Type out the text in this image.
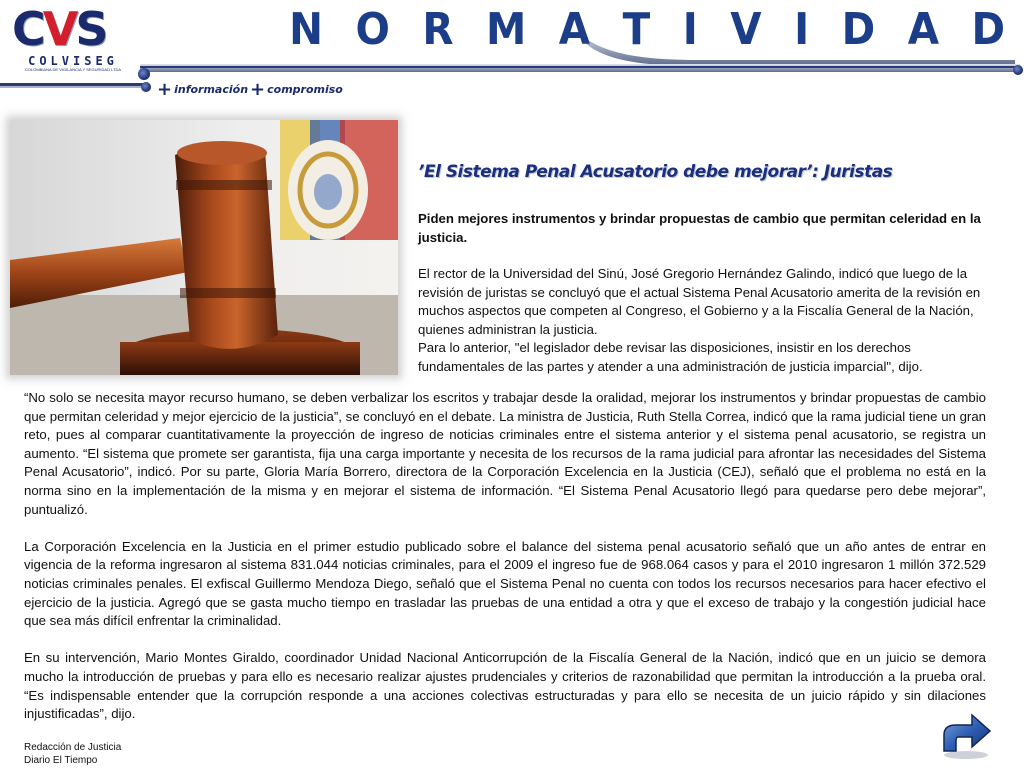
CVS
COLVISEG
COLOMBIANA DE VIGILANCIA Y SEGURIDAD LTDA
N O R M A T I V I D A D
+ información + compromiso
’El Sistema Penal Acusatorio debe mejorar’: Juristas
Piden mejores instrumentos y brindar propuestas de cambio que permitan celeridad en la justicia.

El rector de la Universidad del Sinú, José Gregorio Hernández Galindo, indicó que luego de la revisión de juristas se concluyó que el actual Sistema Penal Acusatorio amerita de la revisión en muchos aspectos que competen al Congreso, el Gobierno y a la Fiscalía General de la Nación, quienes administran la justicia.

Para lo anterior, "el legislador debe revisar las disposiciones, insistir en los derechos fundamentales de las partes y atender a una administración de justicia imparcial", dijo.

“No solo se necesita mayor recurso humano, se deben verbalizar los escritos y trabajar desde la oralidad, mejorar los instrumentos y brindar propuestas de cambio que permitan celeridad y mejor ejercicio de la justicia”, se concluyó en el debate. La ministra de Justicia, Ruth Stella Correa, indicó que la rama judicial tiene un gran reto, pues al comparar cuantitativamente la proyección de ingreso de noticias criminales entre el sistema anterior y el sistema penal acusatorio, se registra un aumento. “El sistema que promete ser garantista, fija una carga importante y necesita de los recursos de la rama judicial para afrontar las necesidades del Sistema Penal Acusatorio”, indicó. Por su parte, Gloria María Borrero, directora de la Corporación Excelencia en la Justicia (CEJ), señaló que el problema no está en la norma sino en la implementación de la misma y en mejorar el sistema de información. “El Sistema Penal Acusatorio llegó para quedarse pero debe mejorar”, puntualizó.

La Corporación Excelencia en la Justicia en el primer estudio publicado sobre el balance del sistema penal acusatorio señaló que un año antes de entrar en vigencia de la reforma ingresaron al sistema 831.044 noticias criminales, para el 2009 el ingreso fue de 968.064 casos y para el 2010 ingresaron 1 millón 372.529 noticias criminales penales. El exfiscal Guillermo Mendoza Diego, señaló que el Sistema Penal no cuenta con todos los recursos necesarios para hacer efectivo el ejercicio de la justicia. Agregó que se gasta mucho tiempo en trasladar las pruebas de una entidad a otra y que el exceso de trabajo y la congestión judicial hace que sea más difícil enfrentar la criminalidad.

En su intervención, Mario Montes Giraldo, coordinador Unidad Nacional Anticorrupción de la Fiscalía General de la Nación, indicó que en un juicio se demora mucho la introducción de pruebas y para ello es necesario realizar ajustes prudenciales y criterios de razonabilidad que permitan la introducción a la prueba oral. “Es indispensable entender que la corrupción responde a una acciones colectivas estructuradas y para ello se necesita de un juicio rápido y sin dilaciones injustificadas”, dijo.

Redacción de Justicia
Diario El Tiempo
